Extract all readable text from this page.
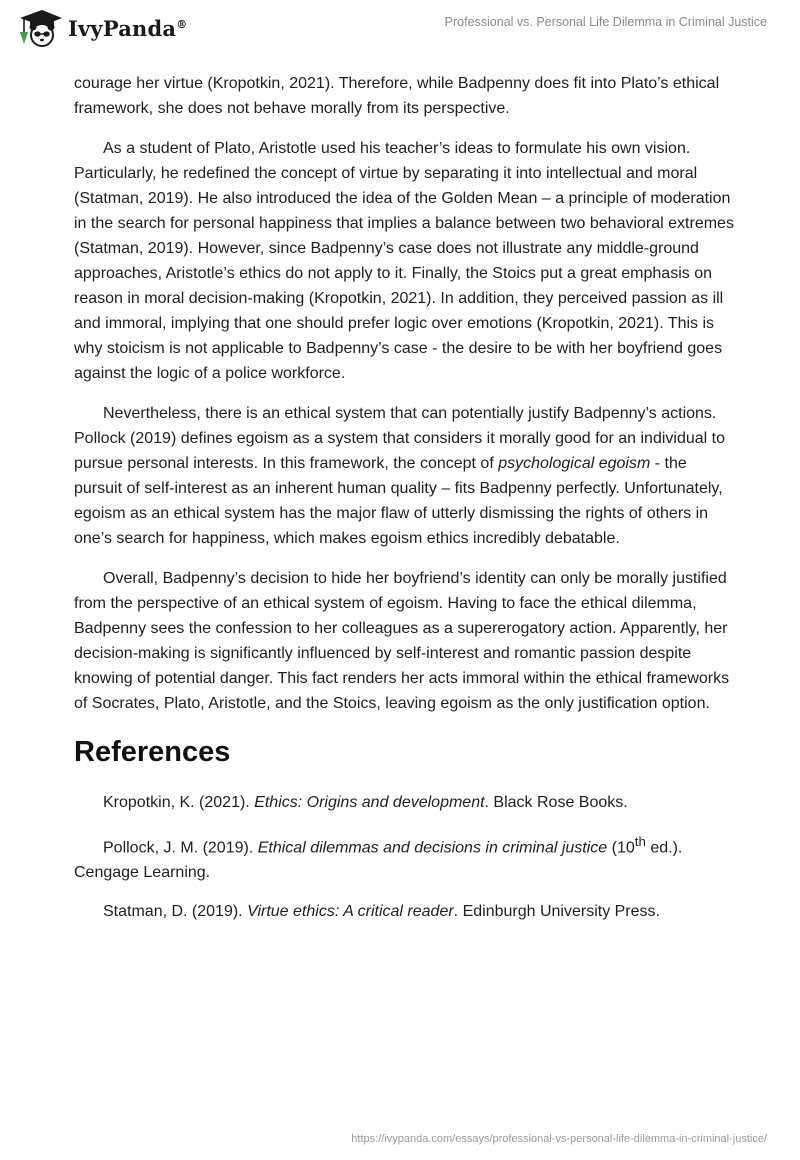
IvyPanda®	Professional vs. Personal Life Dilemma in Criminal Justice

courage her virtue (Kropotkin, 2021). Therefore, while Badpenny does fit into Plato’s ethical framework, she does not behave morally from its perspective.

As a student of Plato, Aristotle used his teacher’s ideas to formulate his own vision. Particularly, he redefined the concept of virtue by separating it into intellectual and moral (Statman, 2019). He also introduced the idea of the Golden Mean – a principle of moderation in the search for personal happiness that implies a balance between two behavioral extremes (Statman, 2019). However, since Badpenny’s case does not illustrate any middle-ground approaches, Aristotle’s ethics do not apply to it. Finally, the Stoics put a great emphasis on reason in moral decision-making (Kropotkin, 2021). In addition, they perceived passion as ill and immoral, implying that one should prefer logic over emotions (Kropotkin, 2021). This is why stoicism is not applicable to Badpenny’s case - the desire to be with her boyfriend goes against the logic of a police workforce.

Nevertheless, there is an ethical system that can potentially justify Badpenny’s actions. Pollock (2019) defines egoism as a system that considers it morally good for an individual to pursue personal interests. In this framework, the concept of psychological egoism - the pursuit of self-interest as an inherent human quality – fits Badpenny perfectly. Unfortunately, egoism as an ethical system has the major flaw of utterly dismissing the rights of others in one’s search for happiness, which makes egoism ethics incredibly debatable.

Overall, Badpenny’s decision to hide her boyfriend’s identity can only be morally justified from the perspective of an ethical system of egoism. Having to face the ethical dilemma, Badpenny sees the confession to her colleagues as a supererogatory action. Apparently, her decision-making is significantly influenced by self-interest and romantic passion despite knowing of potential danger. This fact renders her acts immoral within the ethical frameworks of Socrates, Plato, Aristotle, and the Stoics, leaving egoism as the only justification option.

References

Kropotkin, K. (2021). Ethics: Origins and development. Black Rose Books.

Pollock, J. M. (2019). Ethical dilemmas and decisions in criminal justice (10th ed.). Cengage Learning.

Statman, D. (2019). Virtue ethics: A critical reader. Edinburgh University Press.

https://ivypanda.com/essays/professional-vs-personal-life-dilemma-in-criminal-justice/
